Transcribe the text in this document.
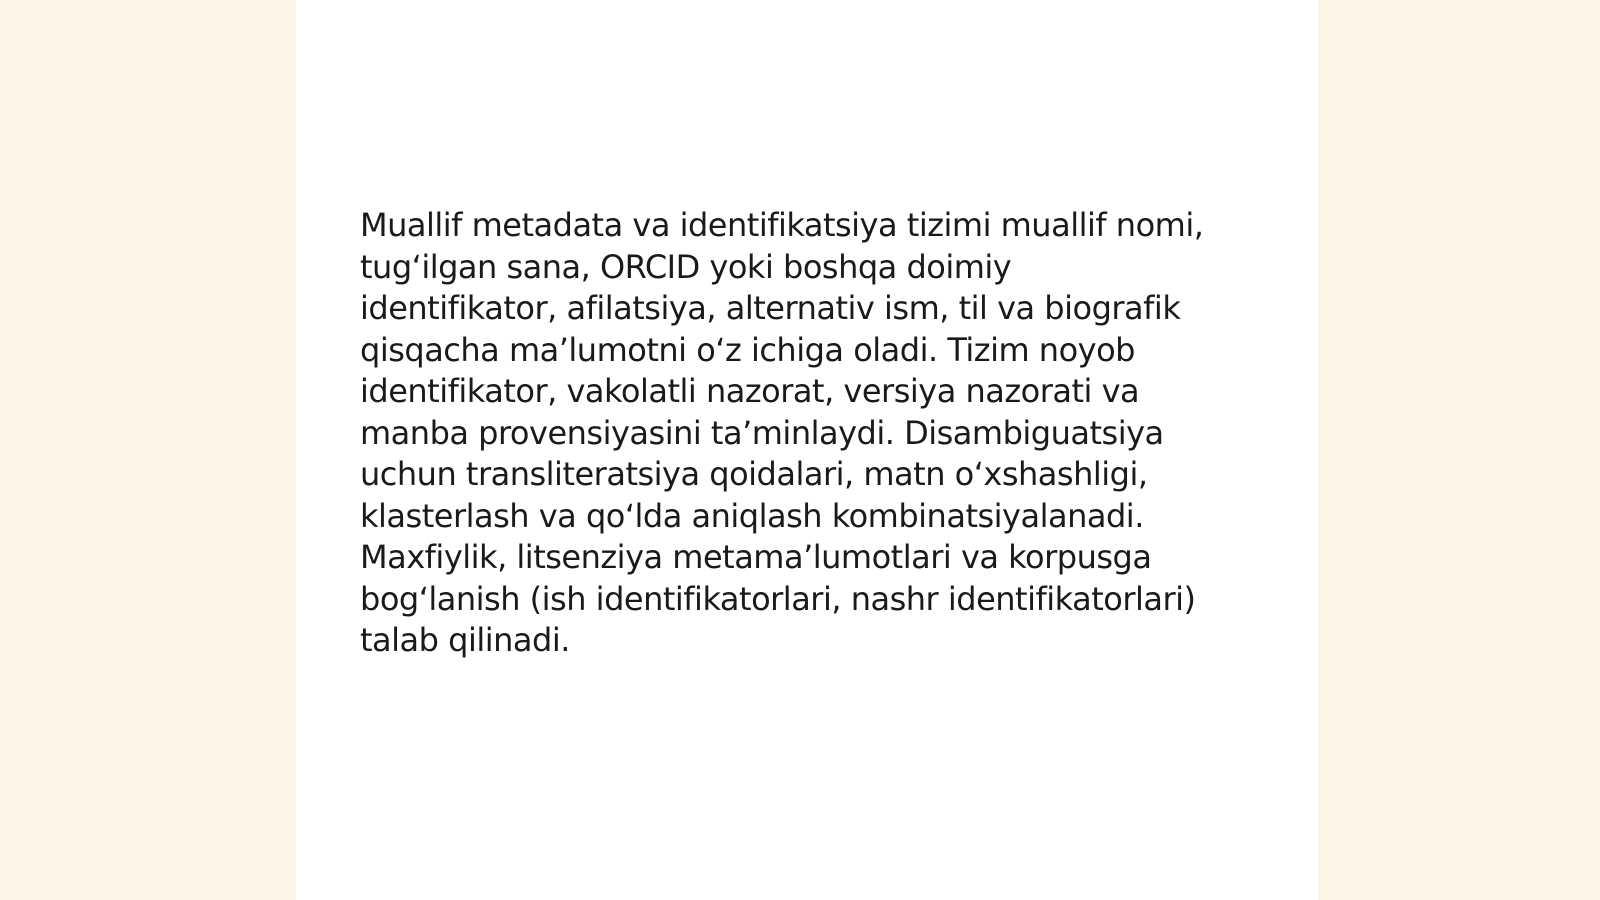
Muallif metadata va identifikatsiya tizimi muallif nomi,
tug‘ilgan sana, ORCID yoki boshqa doimiy
identifikator, afilatsiya, alternativ ism, til va biografik
qisqacha ma’lumotni o‘z ichiga oladi. Tizim noyob
identifikator, vakolatli nazorat, versiya nazorati va
manba provensiyasini ta’minlaydi. Disambiguatsiya
uchun transliteratsiya qoidalari, matn o‘xshashligi,
klasterlash va qo‘lda aniqlash kombinatsiyalanadi.
Maxfiylik, litsenziya metama’lumotlari va korpusga
bog‘lanish (ish identifikatorlari, nashr identifikatorlari)
talab qilinadi.
